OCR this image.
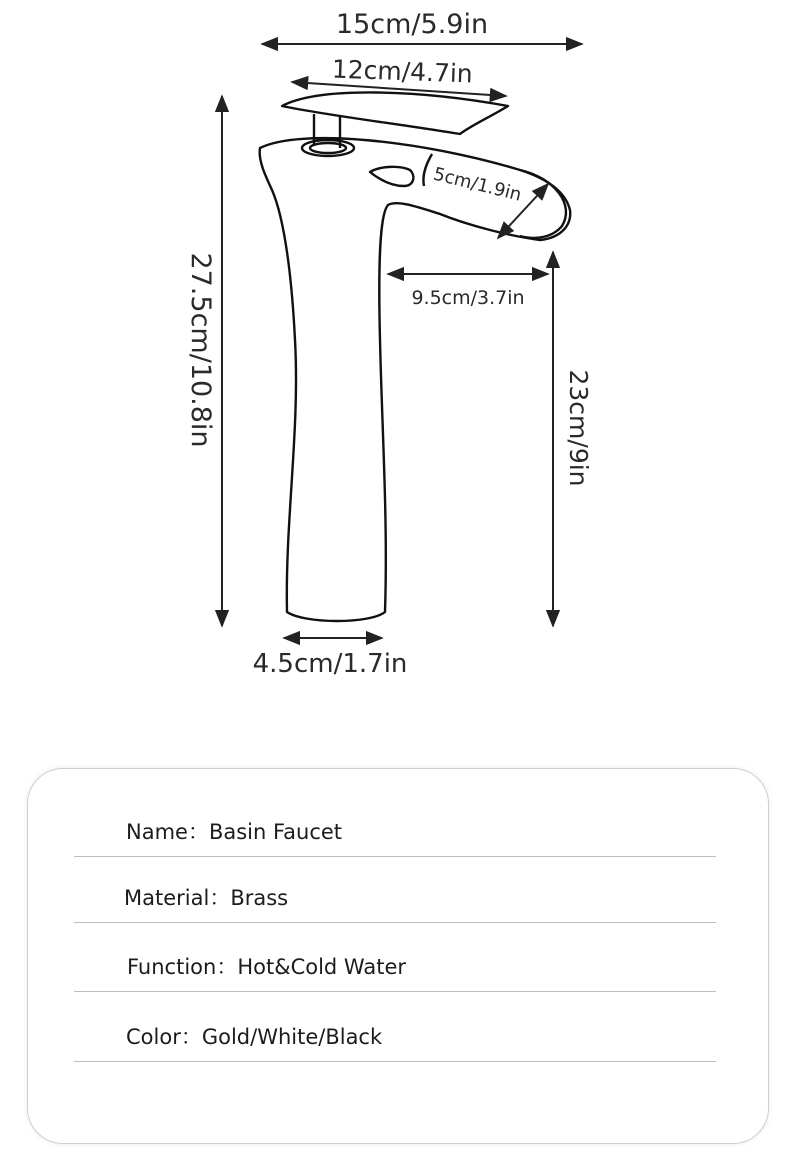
15cm/5.9in
12cm/4.7in
5cm/1.9in
9.5cm/3.7in
27.5cm/10.8in	23cm/9in
4.5cm/1.7in
Name：Basin Faucet
Material：Brass
Function：Hot&Cold Water
Color：Gold/White/Black
